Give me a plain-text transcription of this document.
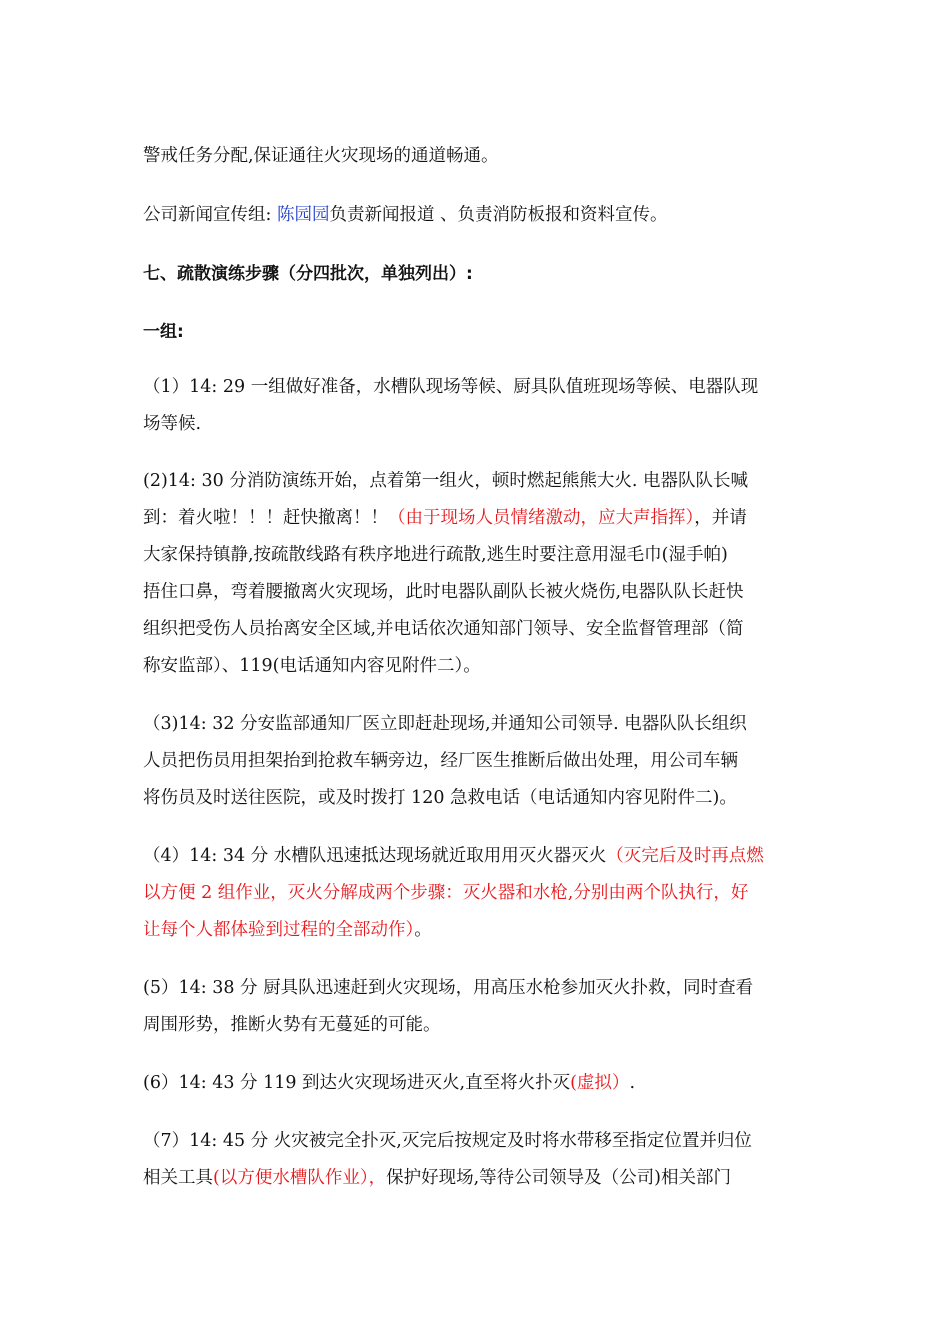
警戒任务分配,保证通往火灾现场的通道畅通。
公司新闻宣传组: 陈园园负责新闻报道 、负责消防板报和资料宣传。
七、疏散演练步骤（分四批次，单独列出）:
一组:
（1）14: 29 一组做好准备，水槽队现场等候、厨具队值班现场等候、电器队现
场等候.
(2)14: 30 分消防演练开始，点着第一组火，顿时燃起熊熊大火. 电器队队长喊
到：着火啦！！！赶快撤离！！（由于现场人员情绪激动，应大声指挥），并请
大家保持镇静,按疏散线路有秩序地进行疏散,逃生时要注意用湿毛巾(湿手帕)
捂住口鼻，弯着腰撤离火灾现场，此时电器队副队长被火烧伤,电器队队长赶快
组织把受伤人员抬离安全区域,并电话依次通知部门领导、安全监督管理部（简
称安监部）、119(电话通知内容见附件二）。
（3)14: 32 分安监部通知厂医立即赶赴现场,并通知公司领导. 电器队队长组织
人员把伤员用担架抬到抢救车辆旁边，经厂医生推断后做出处理，用公司车辆
将伤员及时送往医院，或及时拨打 120 急救电话（电话通知内容见附件二)。
（4）14: 34 分 水槽队迅速抵达现场就近取用用灭火器灭火（灭完后及时再点燃
以方便 2 组作业，灭火分解成两个步骤：灭火器和水枪,分别由两个队执行，好
让每个人都体验到过程的全部动作）。
(5）14: 38 分 厨具队迅速赶到火灾现场，用高压水枪参加灭火扑救，同时查看
周围形势，推断火势有无蔓延的可能。
(6）14: 43 分 119 到达火灾现场进灭火,直至将火扑灭(虚拟）.
（7）14: 45 分 火灾被完全扑灭,灭完后按规定及时将水带移至指定位置并归位
相关工具(以方便水槽队作业），保护好现场,等待公司领导及（公司)相关部门
